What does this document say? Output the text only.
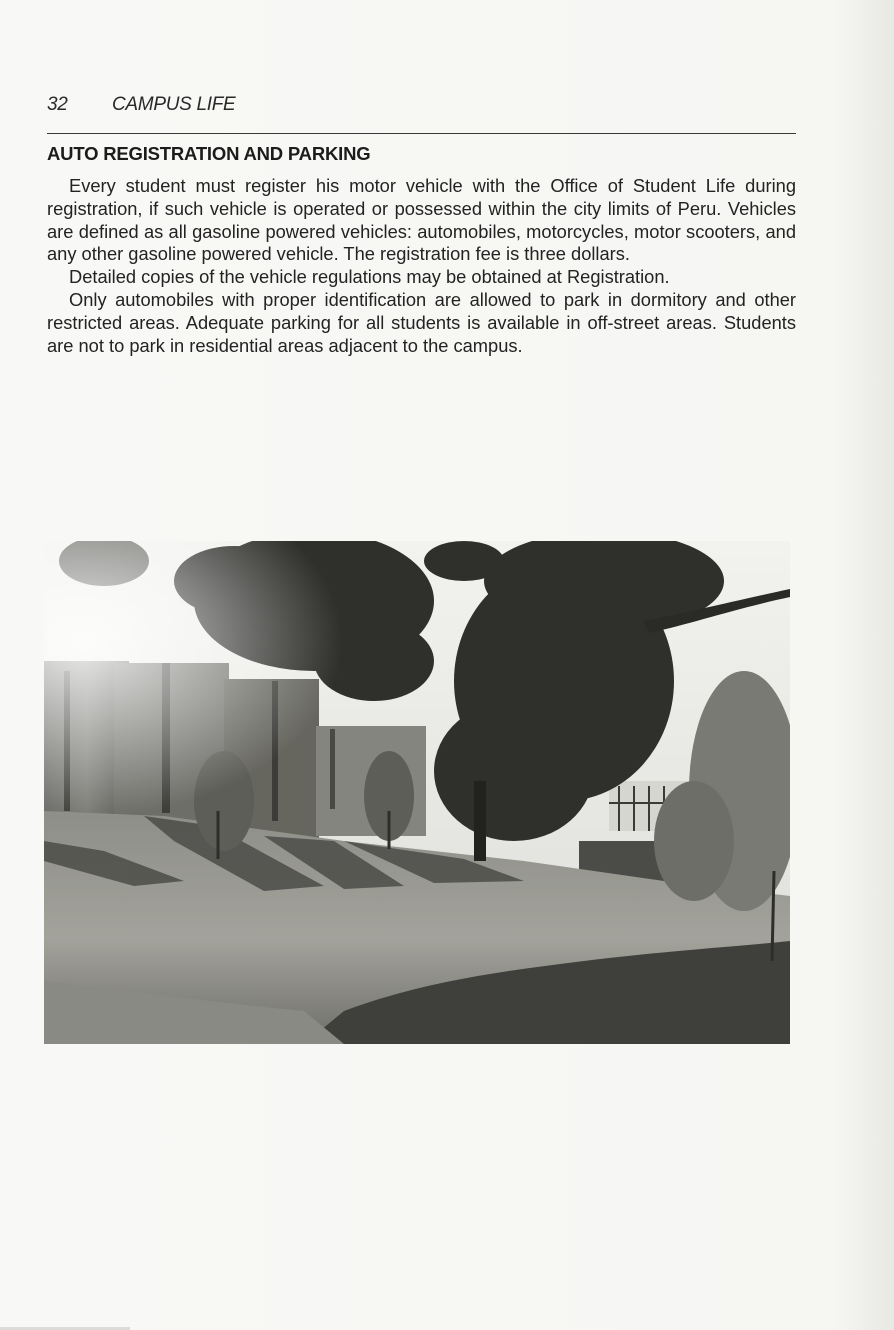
32 CAMPUS LIFE
AUTO REGISTRATION AND PARKING

Every student must register his motor vehicle with the Office of Student Life during registration, if such vehicle is operated or possessed within the city limits of Peru. Vehicles are defined as all gasoline powered vehicles: automobiles, motorcycles, motor scooters, and any other gasoline powered vehicle. The registration fee is three dollars.

Detailed copies of the vehicle regulations may be obtained at Registration.

Only automobiles with proper identification are allowed to park in dormitory and other restricted areas. Adequate parking for all students is available in off-street areas. Students are not to park in residential areas adjacent to the campus.
